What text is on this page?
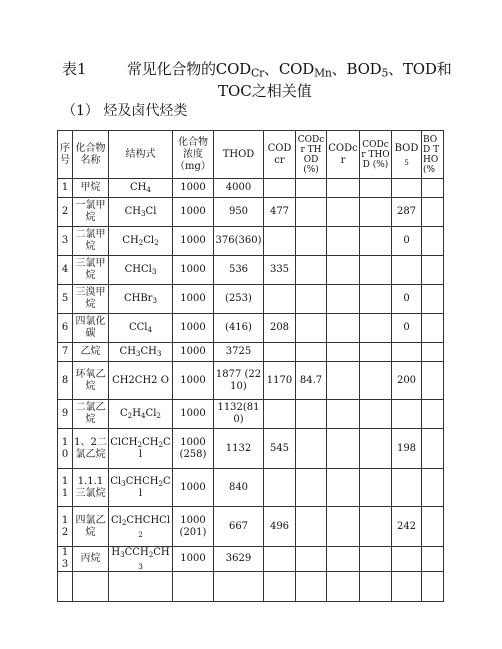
表1	常见化合物的$COD_{Cr}$、$COD_{Mn}$、$BOD_5$、TOD和
TOC之相关值
（1） 烃及卤代烃类
序号	化合物名称	结构式	化合物浓度（mg）	THOD	CODcr	CODcr THOD (%)	CODcr	CODcr THOD (%)	$BOD_5$	BOD THO (%
1	甲烷	$CH_4$	1000	4000						
2	一氯甲烷	$CH_3Cl$	1000	950	477				287	
3	二氯甲烷	$CH_2Cl_2$	1000	376(360)					0	
4	三氯甲烷	CHCl$_3$	1000	536	335					
5	三溴甲烷	CHBr$_3$	1000	(253)					0	
6	四氯化碳	CCl$_4$	1000	(416)	208				0	
7	乙烷	$CH_3CH_3$	1000	3725						
8	环氧乙烷	CH2CH2 O	1000	1877 (2210)	1170	84.7			200	
9	二氯乙烷	$C_2H_4Cl_2$	1000	1132(810)						
10	1、2二氯乙烷	$ClCH_2CH_2Cl$	1000 (258)	1132	545				198	
11	1.1.1三氯烷	$Cl_3CHCH_2Cl$	1000	840						
12	四氯乙烷	$Cl_2CHCHCl_2$	1000 (201)	667	496				242	
13	丙烷	$H_3CCH_2CH_3$	1000	3629						
